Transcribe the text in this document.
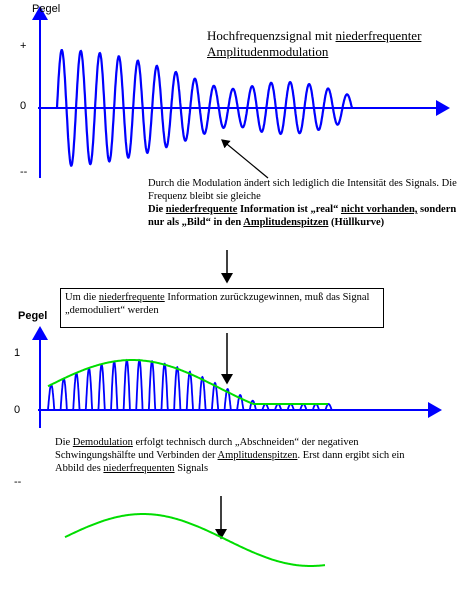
Pegel
+
0
--
Hochfrequenzsignal mit niederfrequenter
Amplitudenmodulation
Durch die Modulation ändert sich lediglich die Intensität des Signals. Die Frequenz bleibt sie gleiche
Die niederfrequente Information ist „real“ nicht vorhanden, sondern nur als „Bild“ in den Amplitudenspitzen (Hüllkurve)
Um die niederfrequente Information zurückzugewinnen, muß das Signal „demoduliert“ werden
Pegel
1
0
--
Die Demodulation erfolgt technisch durch „Abschneiden“ der negativen Schwingungshälfte und Verbinden der Amplitudenspitzen. Erst dann ergibt sich ein Abbild des niederfrequenten Signals
